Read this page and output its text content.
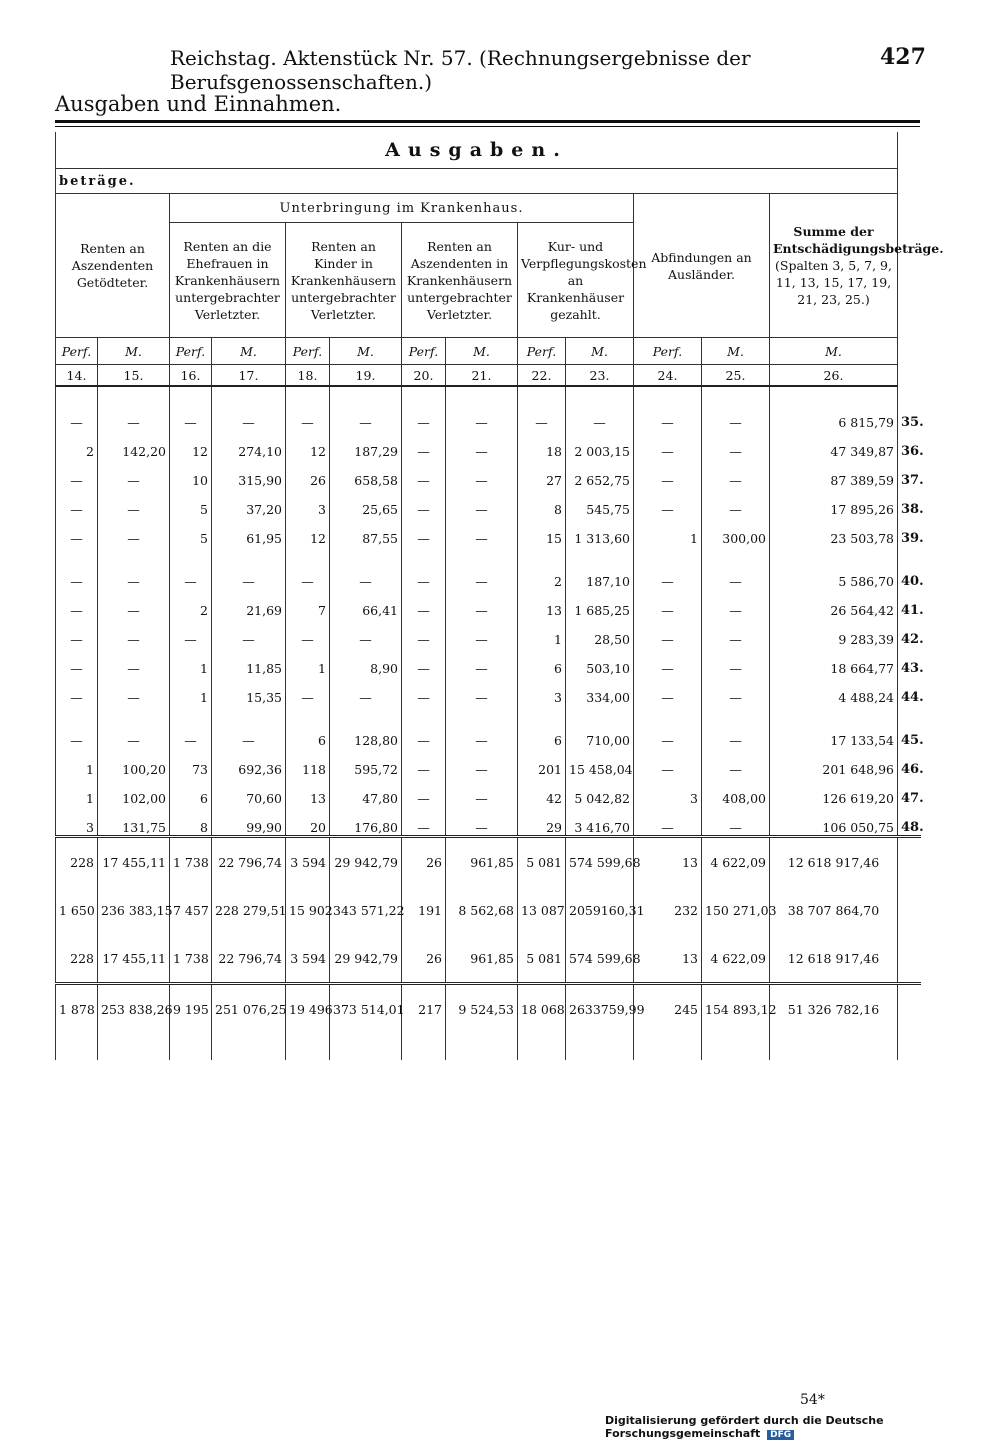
Reichstag. Aktenstück Nr. 57. (Rechnungsergebnisse der Berufsgenossenschaften.)
427
Ausgaben und Einnahmen.

Ausgaben.													
beträge.													
Renten an Aszendenten Getödteter.		Unterbringung im Krankenhaus.								Abfindungen an Ausländer.		Summe der Entschädigungsbeträge.
(Spalten 3, 5, 7, 9, 11, 13, 15, 17, 19, 21, 23, 25.)	

		Renten an die Ehefrauen in Krankenhäusern untergebrachter Verletzter.		Renten an Kinder in Krankenhäusern untergebrachter Verletzter.		Renten an Aszendenten in Krankenhäusern untergebrachter Verletzter.		Kur- und Verpflegungskosten an Krankenhäuser gezahlt.					
Perf.	M.	Perf.	M.	Perf.	M.	Perf.	M.	Perf.	M.	Perf.	M.	M.	
14.	15.	16.	17.	18.	19.	20.	21.	22.	23.	24.	25.	26.	

—	—	—	—	—	—	—	—	—	—	—	—	6 815,79	35.
2	142,20	12	274,10	12	187,29	—	—	18	2 003,15	—	—	47 349,87	36.
—	—	10	315,90	26	658,58	—	—	27	2 652,75	—	—	87 389,59	37.
—	—	5	37,20	3	25,65	—	—	8	545,75	—	—	17 895,26	38.
—	—	5	61,95	12	87,55	—	—	15	1 313,60	1	300,00	23 503,78	39.

—	—	—	—	—	—	—	—	2	187,10	—	—	5 586,70	40.
—	—	2	21,69	7	66,41	—	—	13	1 685,25	—	—	26 564,42	41.
—	—	—	—	—	—	—	—	1	28,50	—	—	9 283,39	42.
—	—	1	11,85	1	8,90	—	—	6	503,10	—	—	18 664,77	43.
—	—	1	15,35	—	—	—	—	3	334,00	—	—	4 488,24	44.

—	—	—	—	6	128,80	—	—	6	710,00	—	—	17 133,54	45.
1	100,20	73	692,36	118	595,72	—	—	201	15 458,04	—	—	201 648,96	46.
1	102,00	6	70,60	13	47,80	—	—	42	5 042,82	3	408,00	126 619,20	47.
3	131,75	8	99,90	20	176,80	—	—	29	3 416,70	—	—	106 050,75	48.
228	17 455,11	1 738	22 796,74	3 594	29 942,79	26	961,85	5 081	574 599,68	13	4 622,09	12 618 917,46	
1 650	236 383,15	7 457	228 279,51	15 902	343 571,22	191	8 562,68	13 087	2059160,31	232	150 271,03	38 707 864,70	
228	17 455,11	1 738	22 796,74	3 594	29 942,79	26	961,85	5 081	574 599,68	13	4 622,09	12 618 917,46	
1 878	253 838,26	9 195	251 076,25	19 496	373 514,01	217	9 524,53	18 068	2633759,99	245	154 893,12	51 326 782,16	

54*
Digitalisierung gefördert durch die Deutsche Forschungsgemeinschaft DFG
